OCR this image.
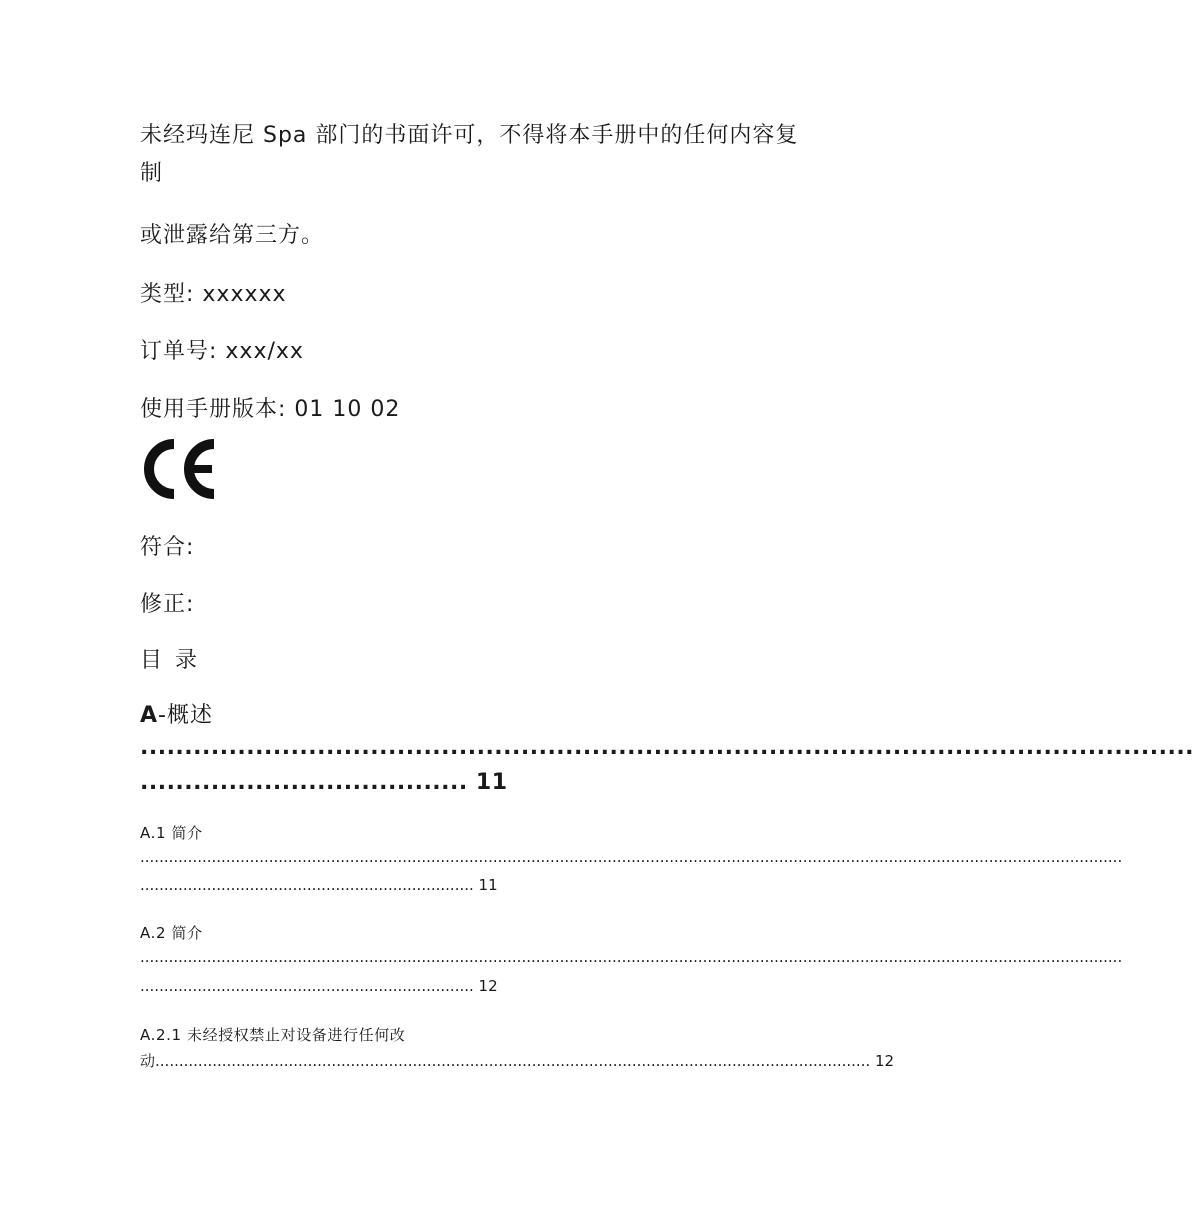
未经玛连尼 Spa 部门的书面许可，不得将本手册中的任何内容复制
或泄露给第三方。
类型: xxxxxx
订单号: xxx/xx
使用手册版本: 01 10 02
符合:
修正:
目 录
A-概述
.......................................................................................................................
..................................... 11
A.1 简介
..............................................................................................................................................................................................................
...................................................................... 11
A.2 简介
..............................................................................................................................................................................................................
...................................................................... 12
A.2.1 未经授权禁止对设备进行任何改
动...................................................................................................................................................... 12
